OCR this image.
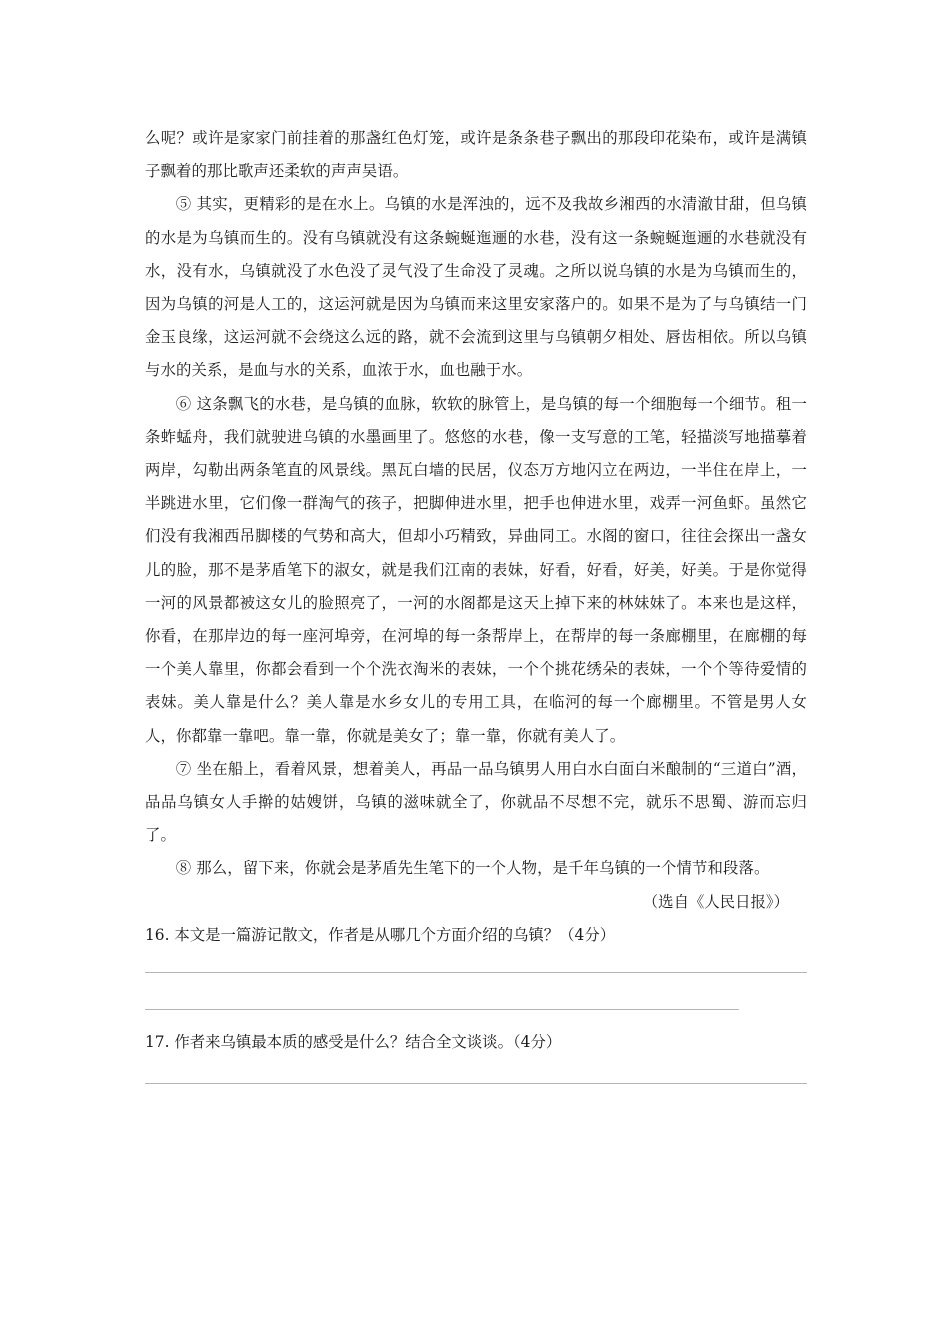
么呢？或许是家家门前挂着的那盏红色灯笼，或许是条条巷子飘出的那段印花染布，或许是满镇子飘着的那比歌声还柔软的声声吴语。

⑤ 其实，更精彩的是在水上。乌镇的水是浑浊的，远不及我故乡湘西的水清澈甘甜，但乌镇的水是为乌镇而生的。没有乌镇就没有这条蜿蜒迤逦的水巷，没有这一条蜿蜒迤逦的水巷就没有水，没有水，乌镇就没了水色没了灵气没了生命没了灵魂。之所以说乌镇的水是为乌镇而生的，因为乌镇的河是人工的，这运河就是因为乌镇而来这里安家落户的。如果不是为了与乌镇结一门金玉良缘，这运河就不会绕这么远的路，就不会流到这里与乌镇朝夕相处、唇齿相依。所以乌镇与水的关系，是血与水的关系，血浓于水，血也融于水。

⑥ 这条飘飞的水巷，是乌镇的血脉，软软的脉管上，是乌镇的每一个细胞每一个细节。租一条蚱蜢舟，我们就驶进乌镇的水墨画里了。悠悠的水巷，像一支写意的工笔，轻描淡写地描摹着两岸，勾勒出两条笔直的风景线。黑瓦白墙的民居，仪态万方地闪立在两边，一半住在岸上，一半跳进水里，它们像一群淘气的孩子，把脚伸进水里，把手也伸进水里，戏弄一河鱼虾。虽然它们没有我湘西吊脚楼的气势和高大，但却小巧精致，异曲同工。水阁的窗口，往往会探出一盏女儿的脸，那不是茅盾笔下的淑女，就是我们江南的表妹，好看，好看，好美，好美。于是你觉得一河的风景都被这女儿的脸照亮了，一河的水阁都是这天上掉下来的林妹妹了。本来也是这样，你看，在那岸边的每一座河埠旁，在河埠的每一条帮岸上，在帮岸的每一条廊棚里，在廊棚的每一个美人靠里，你都会看到一个个洗衣淘米的表妹，一个个挑花绣朵的表妹，一个个等待爱情的表妹。美人靠是什么？美人靠是水乡女儿的专用工具，在临河的每一个廊棚里。不管是男人女人，你都靠一靠吧。靠一靠，你就是美女了；靠一靠，你就有美人了。

⑦ 坐在船上，看着风景，想着美人，再品一品乌镇男人用白水白面白米酿制的“三道白”酒，品品乌镇女人手擀的姑嫂饼，乌镇的滋味就全了，你就品不尽想不完，就乐不思蜀、游而忘归了。

⑧ 那么，留下来，你就会是茅盾先生笔下的一个人物，是千年乌镇的一个情节和段落。

（选自《人民日报》）

16. 本文是一篇游记散文，作者是从哪几个方面介绍的乌镇？（4分）

17. 作者来乌镇最本质的感受是什么？结合全文谈谈。（4分）
